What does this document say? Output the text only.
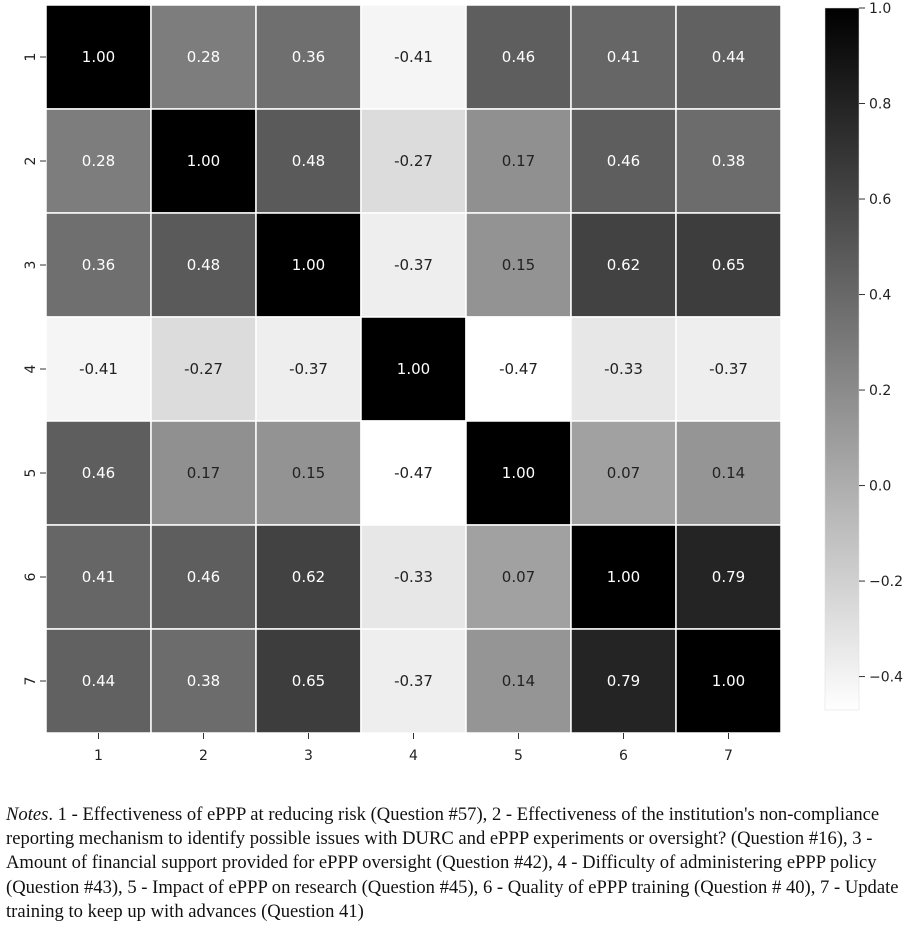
1.00	0.28	0.36	-0.41	0.46	0.41	0.44
0.28	1.00	0.48	-0.27	0.17	0.46	0.38
0.36	0.48	1.00	-0.37	0.15	0.62	0.65
-0.41	-0.27	-0.37	1.00	-0.47	-0.33	-0.37
0.46	0.17	0.15	-0.47	1.00	0.07	0.14
0.41	0.46	0.62	-0.33	0.07	1.00	0.79
0.44	0.38	0.65	-0.37	0.14	0.79	1.00
1
2
3
4
5
6
7
1	2	3	4	5	6	7
1.0
0.8
0.6
0.4
0.2
0.0
−0.2
−0.4
Notes. 1 - Effectiveness of ePPP at reducing risk (Question #57), 2 - Effectiveness of the institution's non-compliance reporting mechanism to identify possible issues with DURC and ePPP experiments or oversight? (Question #16), 3 - Amount of financial support provided for ePPP oversight (Question #42), 4 - Difficulty of administering ePPP policy (Question #43), 5 - Impact of ePPP on research (Question #45), 6 - Quality of ePPP training (Question # 40), 7 - Update training to keep up with advances (Question 41)
